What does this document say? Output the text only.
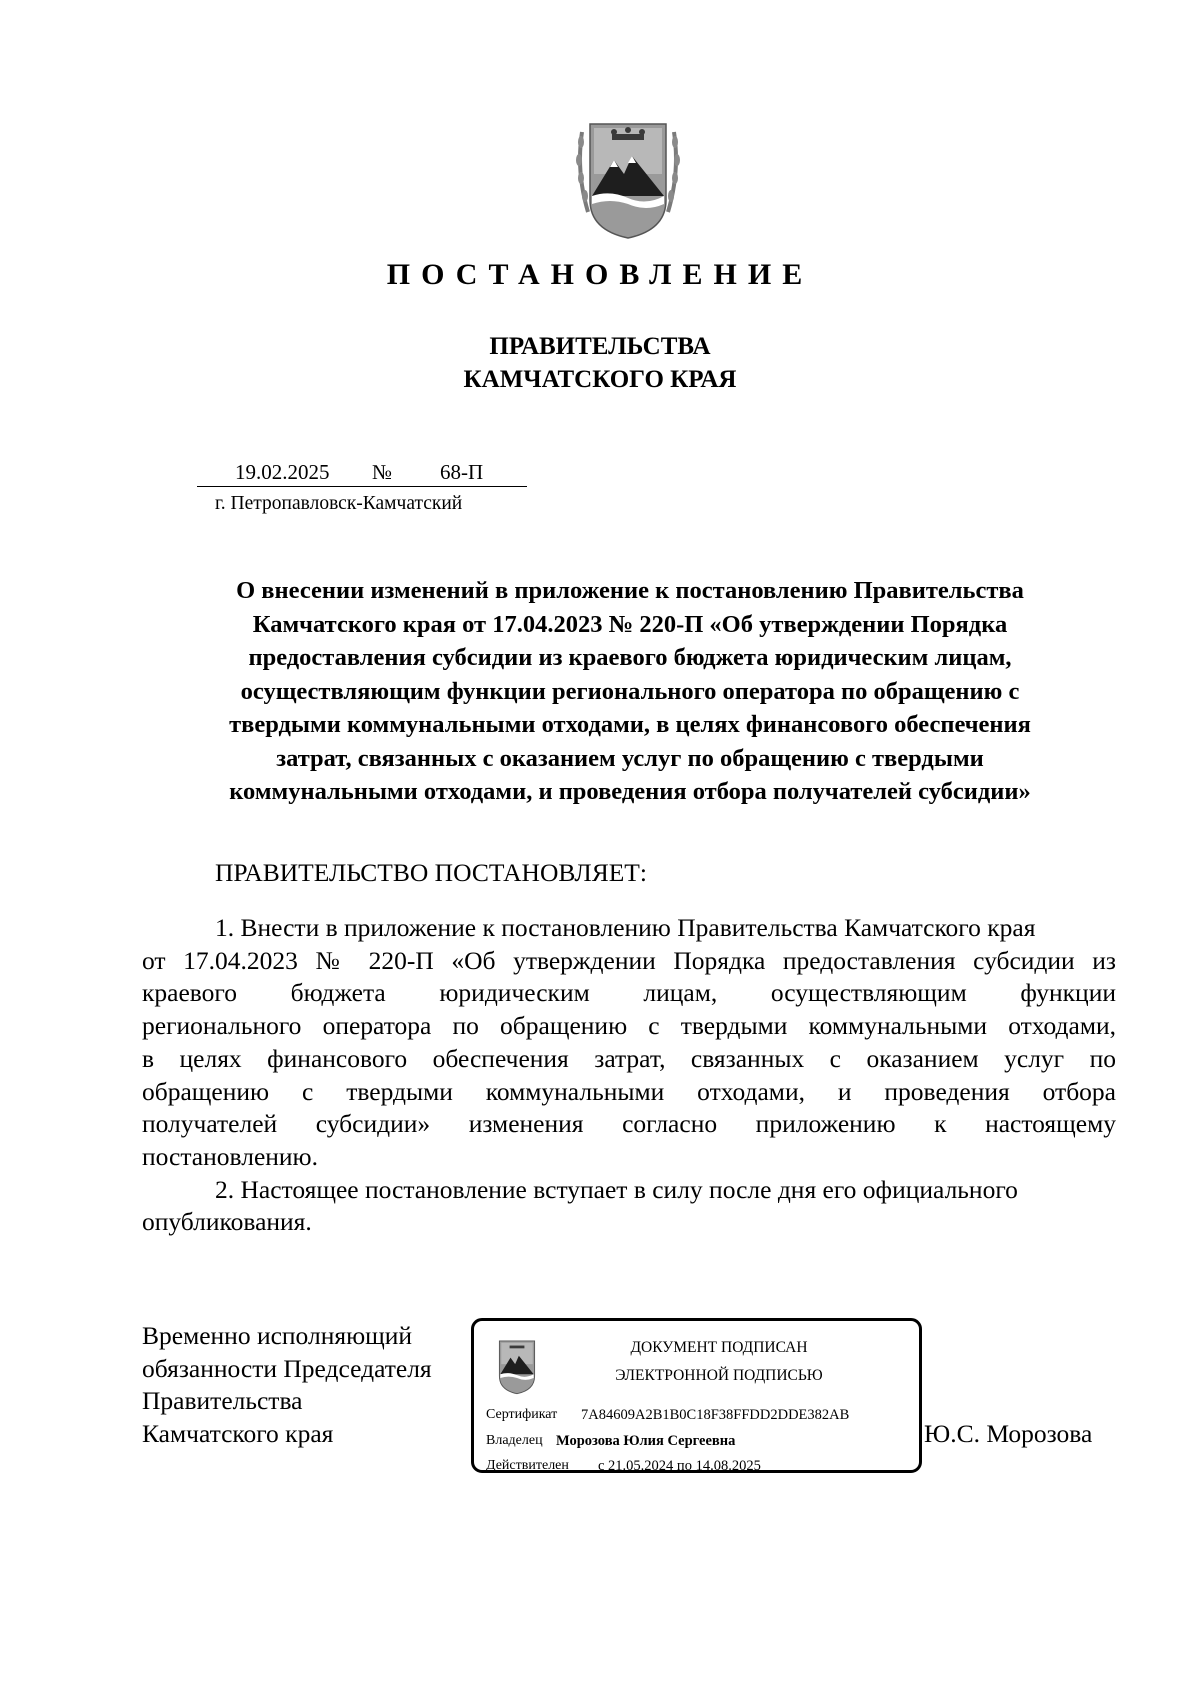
ПОСТАНОВЛЕНИЕ
ПРАВИТЕЛЬСТВА
КАМЧАТСКОГО КРАЯ
19.02.2025 № 68-П
г. Петропавловск-Камчатский
О внесении изменений в приложение к постановлению Правительства
Камчатского края от 17.04.2023 № 220-П «Об утверждении Порядка
предоставления субсидии из краевого бюджета юридическим лицам,
осуществляющим функции регионального оператора по обращению с
твердыми коммунальными отходами, в целях финансового обеспечения
затрат, связанных с оказанием услуг по обращению с твердыми
коммунальными отходами, и проведения отбора получателей субсидии»
ПРАВИТЕЛЬСТВО ПОСТАНОВЛЯЕТ:
1. Внести в приложение к постановлению Правительства Камчатского края
от 17.04.2023 № 220-П «Об утверждении Порядка предоставления субсидии из
краевого бюджета юридическим лицам, осуществляющим функции
регионального оператора по обращению с твердыми коммунальными отходами,
в целях финансового обеспечения затрат, связанных с оказанием услуг по
обращению с твердыми коммунальными отходами, и проведения отбора
получателей субсидии» изменения согласно приложению к настоящему
постановлению.
2. Настоящее постановление вступает в силу после дня его официального
опубликования.
Временно исполняющий
обязанности Председателя
Правительства
Камчатского края
ДОКУМЕНТ ПОДПИСАН
ЭЛЕКТРОННОЙ ПОДПИСЬЮ
Сертификат 7A84609A2B1B0C18F38FFDD2DDE382AB
Владелец Морозова Юлия Сергеевна
Действителен с 21.05.2024 по 14.08.2025
Ю.С. Морозова
